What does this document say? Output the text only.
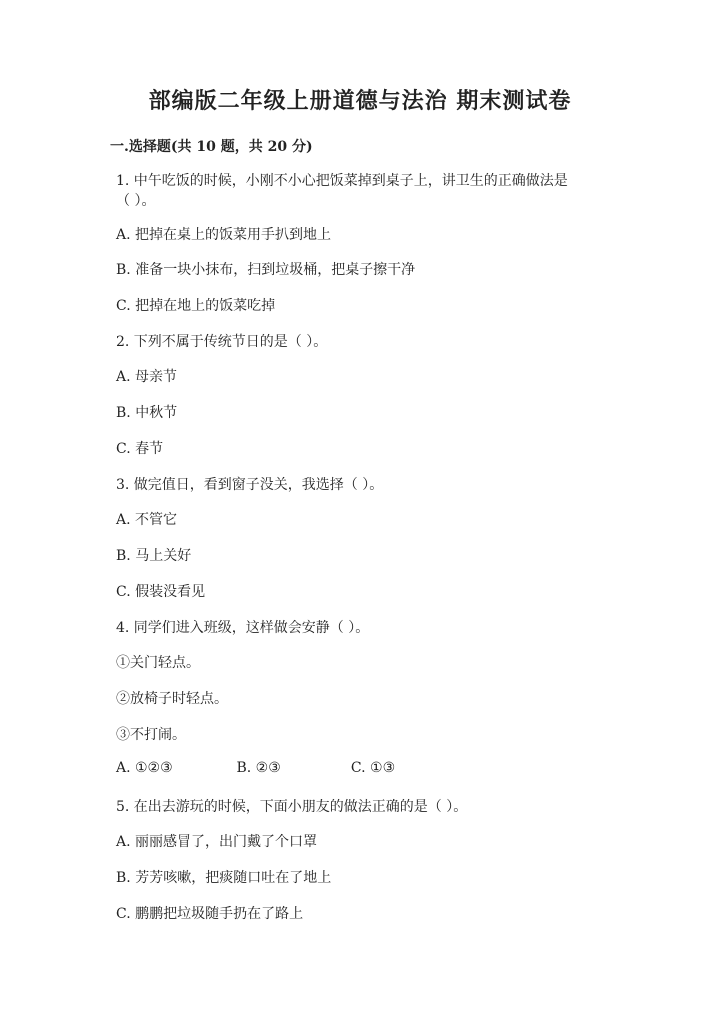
部编版二年级上册道德与法治 期末测试卷
一.选择题(共 10 题，共 20 分)
1. 中午吃饭的时候，小刚不小心把饭菜掉到桌子上，讲卫生的正确做法是
（ ）。
A. 把掉在桌上的饭菜用手扒到地上
B. 准备一块小抹布，扫到垃圾桶，把桌子擦干净
C. 把掉在地上的饭菜吃掉
2. 下列不属于传统节日的是（ ）。
A. 母亲节
B. 中秋节
C. 春节
3. 做完值日，看到窗子没关，我选择（ ）。
A. 不管它
B. 马上关好
C. 假装没看见
4. 同学们进入班级，这样做会安静（ ）。
①关门轻点。
②放椅子时轻点。
③不打闹。
A. ①②③	B. ②③	C. ①③
5. 在出去游玩的时候，下面小朋友的做法正确的是（ ）。
A. 丽丽感冒了，出门戴了个口罩
B. 芳芳咳嗽，把痰随口吐在了地上
C. 鹏鹏把垃圾随手扔在了路上
